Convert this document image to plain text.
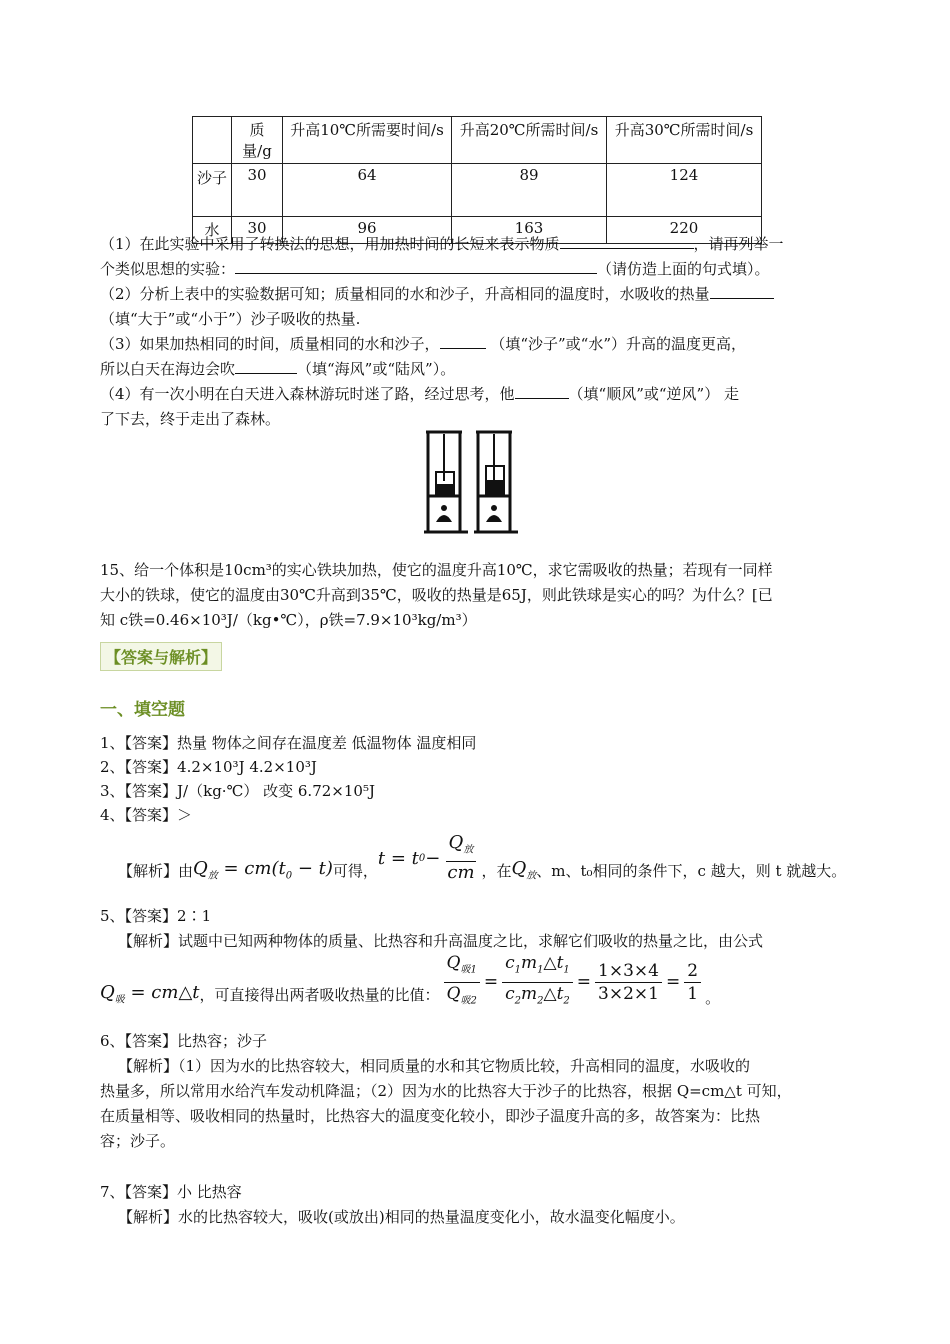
	质量/g	升高10℃所需要时间/s	升高20℃所需时间/s	升高30℃所需时间/s
沙子	30	64	89	124
水	30	96	163	220
（1）在此实验中采用了转换法的思想，用加热时间的长短来表示物质	，请再列举一
个类似思想的实验：	（请仿造上面的句式填）。
（2）分析上表中的实验数据可知；质量相同的水和沙子，升高相同的温度时，水吸收的热量
（填“大于”或“小于”）沙子吸收的热量.
（3）如果加热相同的时间，质量相同的水和沙子，	（填“沙子”或“水”）升高的温度更高，
所以白天在海边会吹	（填“海风”或“陆风”）。
（4）有一次小明在白天进入森林游玩时迷了路，经过思考，他	（填“顺风”或“逆风”） 走
了下去，终于走出了森林。
15、给一个体积是10cm³的实心铁块加热，使它的温度升高10℃，求它需吸收的热量；若现有一同样
大小的铁球，使它的温度由30℃升高到35℃，吸收的热量是65J，则此铁球是实心的吗？为什么？[已
知 c铁=0.46×10³J/（kg•℃），ρ铁=7.9×10³kg/m³）
【答案与解析】
一、填空题
1、【答案】热量 物体之间存在温度差 低温物体 温度相同
2、【答案】4.2×10³J 4.2×10³J
3、【答案】J/（kg·℃） 改变 6.72×10⁵J
4、【答案】＞
【解析】由 $Q_放 = cm(t_0 - t)$ 可得，
t = t $0 - \frac{Q_放}{cm}$ ，在 $Q_放$ 、m、t₀相同的条件下，c 越大，则 t 就越大。
5、【答案】2∶1
【解析】试题中已知两种物体的质量、比热容和升高温度之比，求解它们吸收的热量之比，由公式
$Q_吸$ = cm△t ，可直接得出两者吸收热量的比值： $\frac{Q_{吸1}}{Q_{吸2}} = \frac{c_1m_1\triangle t_1}{c_2m_2\triangle t_2} = \frac{1\times 3\times 4}{3\times 2\times 1} = \frac{2}{1}$ 。
6、【答案】比热容；沙子
【解析】（1）因为水的比热容较大，相同质量的水和其它物质比较，升高相同的温度，水吸收的
热量多，所以常用水给汽车发动机降温；（2）因为水的比热容大于沙子的比热容，根据 Q=cm△t 可知，
在质量相等、吸收相同的热量时，比热容大的温度变化较小，即沙子温度升高的多，故答案为：比热
容；沙子。
7、【答案】小 比热容
【解析】水的比热容较大，吸收(或放出)相同的热量温度变化小，故水温变化幅度小。
